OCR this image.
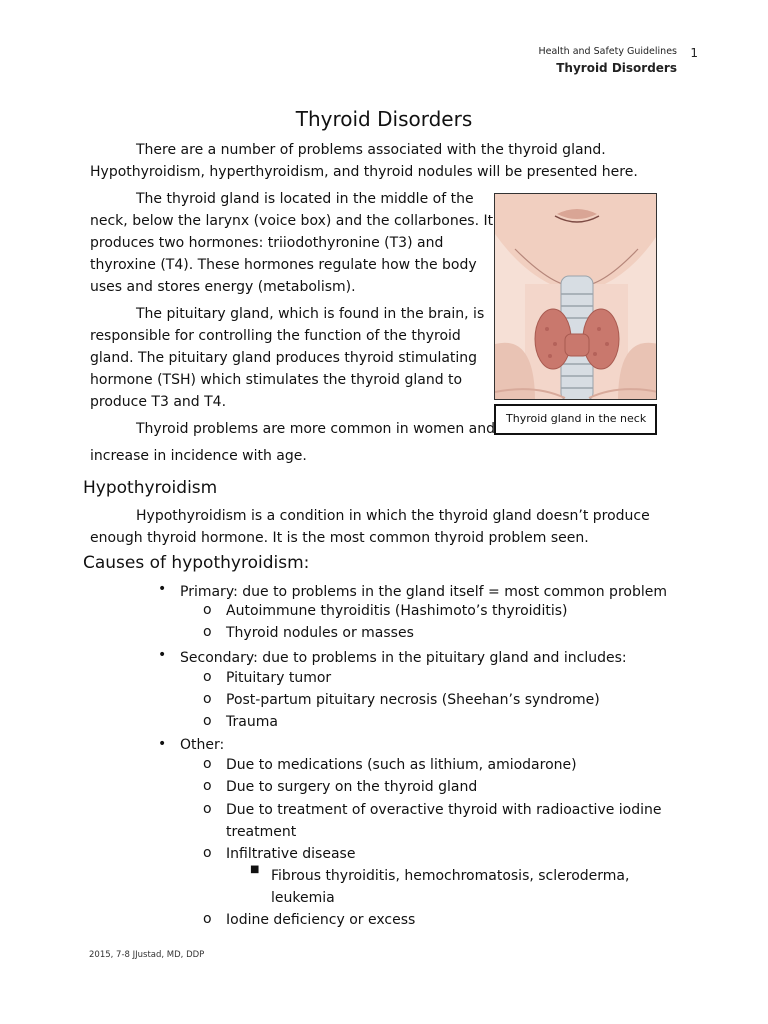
Health and Safety Guidelines 1
Thyroid Disorders
Thyroid Disorders
There are a number of problems associated with the thyroid gland.
Hypothyroidism, hyperthyroidism, and thyroid nodules will be presented here.
The thyroid gland is located in the middle of the
neck, below the larynx (voice box) and the collarbones. It
produces two hormones: triiodothyronine (T3) and
thyroxine (T4). These hormones regulate how the body
uses and stores energy (metabolism).
The pituitary gland, which is found in the brain, is
responsible for controlling the function of the thyroid
gland. The pituitary gland produces thyroid stimulating
hormone (TSH) which stimulates the thyroid gland to
produce T3 and T4.
Thyroid problems are more common in women and
increase in incidence with age.
Thyroid gland in the neck
Hypothyroidism
Hypothyroidism is a condition in which the thyroid gland doesn’t produce
enough thyroid hormone. It is the most common thyroid problem seen.
Causes of hypothyroidism:
• Primary: due to problems in the gland itself = most common problem
o Autoimmune thyroiditis (Hashimoto’s thyroiditis)
o Thyroid nodules or masses
• Secondary: due to problems in the pituitary gland and includes:
o Pituitary tumor
o Post-partum pituitary necrosis (Sheehan’s syndrome)
o Trauma
• Other:
o Due to medications (such as lithium, amiodarone)
o Due to surgery on the thyroid gland
o Due to treatment of overactive thyroid with radioactive iodine
treatment
o Infiltrative disease
■ Fibrous thyroiditis, hemochromatosis, scleroderma,
leukemia
o Iodine deficiency or excess
2015, 7-8 JJustad, MD, DDP
